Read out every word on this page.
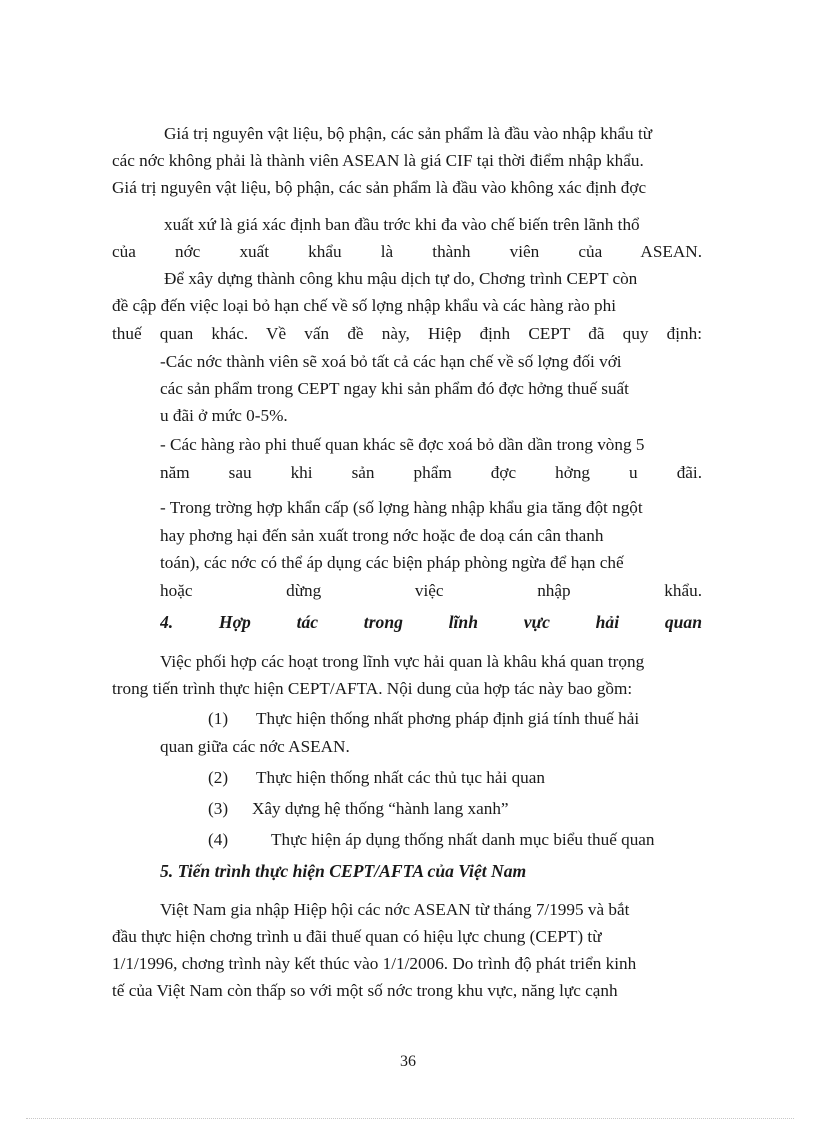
Giá trị nguyên vật liệu, bộ phận, các sản phẩm là đầu vào nhập khẩu từ
các nớc không phải là thành viên ASEAN là giá CIF tại thời điểm nhập khẩu.
Giá trị nguyên vật liệu, bộ phận, các sản phẩm là đầu vào không xác định đợc
xuất xứ là giá xác định ban đầu trớc khi đa vào chế biến trên lãnh thổ
của nớc xuất khẩu là thành viên của ASEAN.
Để xây dựng thành công khu mậu dịch tự do, Chơng trình CEPT còn
đề cập đến việc loại bỏ hạn chế về số lợng nhập khẩu và các hàng rào phi
thuế quan khác. Về vấn đề này, Hiệp định CEPT đã quy định:
-Các nớc thành viên sẽ xoá bỏ tất cả các hạn chế về số lợng đối với
các sản phẩm trong CEPT ngay khi sản phẩm đó đợc hởng thuế suất
u đãi ở mức 0-5%.
- Các hàng rào phi thuế quan khác sẽ đợc xoá bỏ dần dần trong vòng 5
năm sau khi sản phẩm đợc hởng u đãi.
- Trong trờng hợp khẩn cấp (số lợng hàng nhập khẩu gia tăng đột ngột
hay phơng hại đến sản xuất trong nớc hoặc đe doạ cán cân thanh
toán), các nớc có thể áp dụng các biện pháp phòng ngừa để hạn chế
hoặc dừng việc nhập khẩu.
4. Hợp tác trong lĩnh vực hải quan
Việc phối hợp các hoạt trong lĩnh vực hải quan là khâu khá quan trọng
trong tiến trình thực hiện CEPT/AFTA. Nội dung của hợp tác này bao gồm:
(1) Thực hiện thống nhất phơng pháp định giá tính thuế hải
quan giữa các nớc ASEAN.
(2) Thực hiện thống nhất các thủ tục hải quan
(3) Xây dựng hệ thống “hành lang xanh”
(4) Thực hiện áp dụng thống nhất danh mục biểu thuế quan
5. Tiến trình thực hiện CEPT/AFTA của Việt Nam
Việt Nam gia nhập Hiệp hội các nớc ASEAN từ tháng 7/1995 và bắt
đầu thực hiện chơng trình u đãi thuế quan có hiệu lực chung (CEPT) từ
1/1/1996, chơng trình này kết thúc vào 1/1/2006. Do trình độ phát triển kinh
tế của Việt Nam còn thấp so với một số nớc trong khu vực, năng lực cạnh
36
